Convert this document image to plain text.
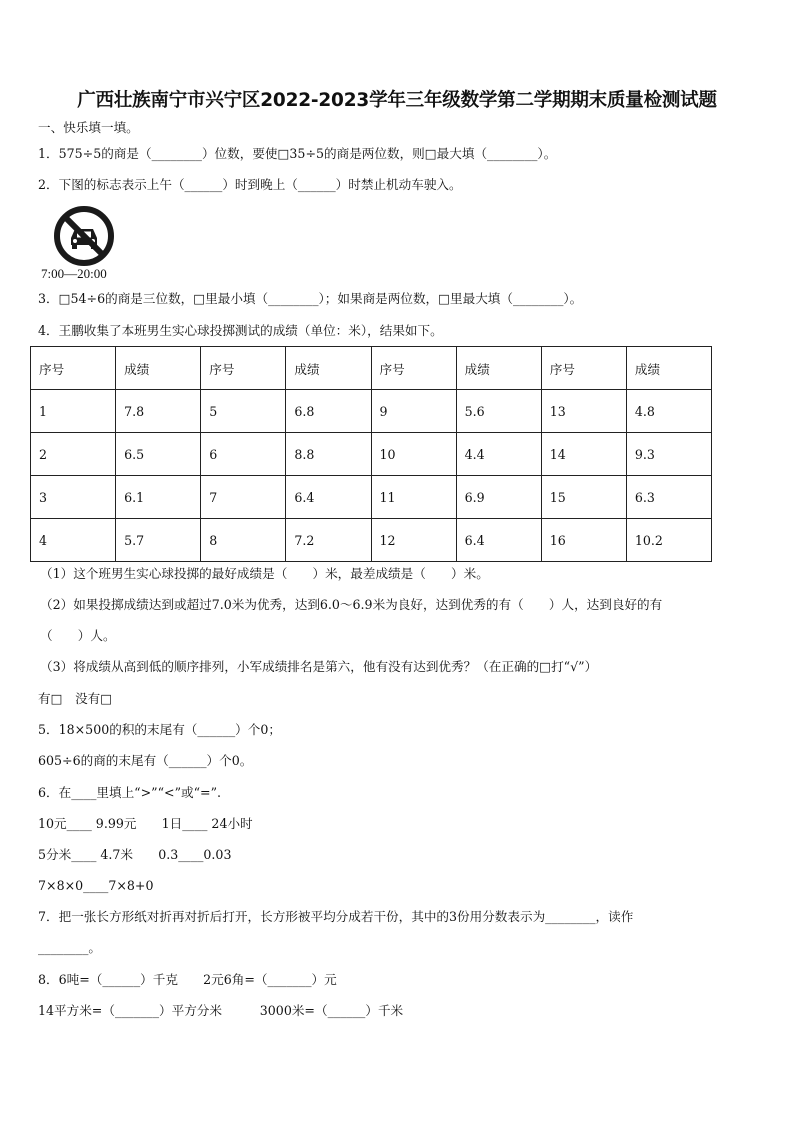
广西壮族南宁市兴宁区2022-2023学年三年级数学第二学期期末质量检测试题
一、快乐填一填。
1．575÷5的商是（________）位数，要使□35÷5的商是两位数，则□最大填（________）。
2．下图的标志表示上午（______）时到晚上（______）时禁止机动车驶入。
7:00—20:00
3．□54÷6的商是三位数，□里最小填（________）；如果商是两位数，□里最大填（________）。
4．王鹏收集了本班男生实心球投掷测试的成绩（单位：米），结果如下。
序号	成绩	序号	成绩	序号	成绩	序号	成绩
1	7.8	5	6.8	9	5.6	13	4.8
2	6.5	6	8.8	10	4.4	14	9.3
3	6.1	7	6.4	11	6.9	15	6.3
4	5.7	8	7.2	12	6.4	16	10.2
（1）这个班男生实心球投掷的最好成绩是（　　）米，最差成绩是（　　）米。
（2）如果投掷成绩达到或超过7.0米为优秀，达到6.0～6.9米为良好，达到优秀的有（　　）人，达到良好的有
（　　）人。
（3）将成绩从高到低的顺序排列，小军成绩排名是第六，他有没有达到优秀？（在正确的□打“√”）
有□　没有□
5．18×500的积的末尾有（______）个0；
605÷6的商的末尾有（______）个0。
6．在____里填上“>”“<”或“=”.
10元____ 9.99元　　1日____ 24小时
5分米____ 4.7米　　0.3____0.03
7×8×0____7×8+0
7．把一张长方形纸对折再对折后打开，长方形被平均分成若干份，其中的3份用分数表示为________，读作
________。
8．6吨=（______）千克　　2元6角=（_______）元
14平方米=（_______）平方分米　　　3000米=（______）千米
